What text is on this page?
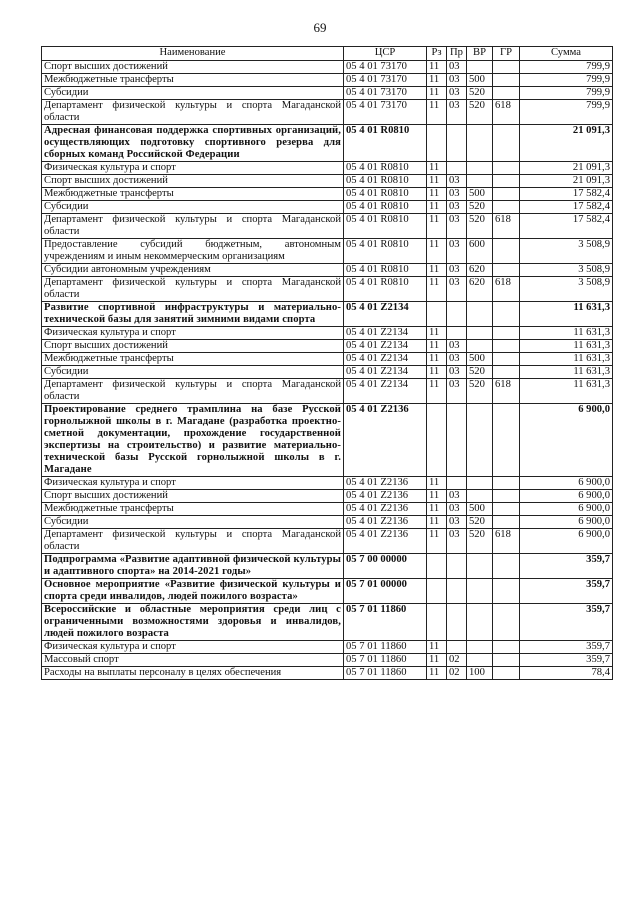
69
Наименование	ЦСР	Рз	Пр	ВР	ГР	Сумма
Спорт высших достижений	05 4 01 73170	11	03			799,9
Межбюджетные трансферты	05 4 01 73170	11	03	500		799,9
Субсидии	05 4 01 73170	11	03	520		799,9
Департамент физической культуры и спорта Магаданской области	05 4 01 73170	11	03	520	618	799,9
Адресная финансовая поддержка спортивных организаций, осуществляющих подготовку спортивного резерва для сборных команд Российской Федерации	05 4 01 R0810					21 091,3
Физическая культура и спорт	05 4 01 R0810	11				21 091,3
Спорт высших достижений	05 4 01 R0810	11	03			21 091,3
Межбюджетные трансферты	05 4 01 R0810	11	03	500		17 582,4
Субсидии	05 4 01 R0810	11	03	520		17 582,4
Департамент физической культуры и спорта Магаданской области	05 4 01 R0810	11	03	520	618	17 582,4
Предоставление субсидий бюджетным, автономным учреждениям и иным некоммерческим организациям	05 4 01 R0810	11	03	600		3 508,9
Субсидии автономным учреждениям	05 4 01 R0810	11	03	620		3 508,9
Департамент физической культуры и спорта Магаданской области	05 4 01 R0810	11	03	620	618	3 508,9
Развитие спортивной инфраструктуры и материально-технической базы для занятий зимними видами спорта	05 4 01 Z2134					11 631,3
Физическая культура и спорт	05 4 01 Z2134	11				11 631,3
Спорт высших достижений	05 4 01 Z2134	11	03			11 631,3
Межбюджетные трансферты	05 4 01 Z2134	11	03	500		11 631,3
Субсидии	05 4 01 Z2134	11	03	520		11 631,3
Департамент физической культуры и спорта Магаданской области	05 4 01 Z2134	11	03	520	618	11 631,3
Проектирование среднего трамплина на базе Русской горнолыжной школы в г. Магадане (разработка проектно-сметной документации, прохождение государственной экспертизы на строительство) и развитие материально-технической базы Русской горнолыжной школы в г. Магадане	05 4 01 Z2136					6 900,0
Физическая культура и спорт	05 4 01 Z2136	11				6 900,0
Спорт высших достижений	05 4 01 Z2136	11	03			6 900,0
Межбюджетные трансферты	05 4 01 Z2136	11	03	500		6 900,0
Субсидии	05 4 01 Z2136	11	03	520		6 900,0
Департамент физической культуры и спорта Магаданской области	05 4 01 Z2136	11	03	520	618	6 900,0
Подпрограмма «Развитие адаптивной физической культуры и адаптивного спорта» на 2014-2021 годы»	05 7 00 00000					359,7
Основное мероприятие «Развитие физической культуры и спорта среди инвалидов, людей пожилого возраста»	05 7 01 00000					359,7
Всероссийские и областные мероприятия среди лиц с ограниченными возможностями здоровья и инвалидов, людей пожилого возраста	05 7 01 11860					359,7
Физическая культура и спорт	05 7 01 11860	11				359,7
Массовый спорт	05 7 01 11860	11	02			359,7
Расходы на выплаты персоналу в целях обеспечения	05 7 01 11860	11	02	100		78,4
